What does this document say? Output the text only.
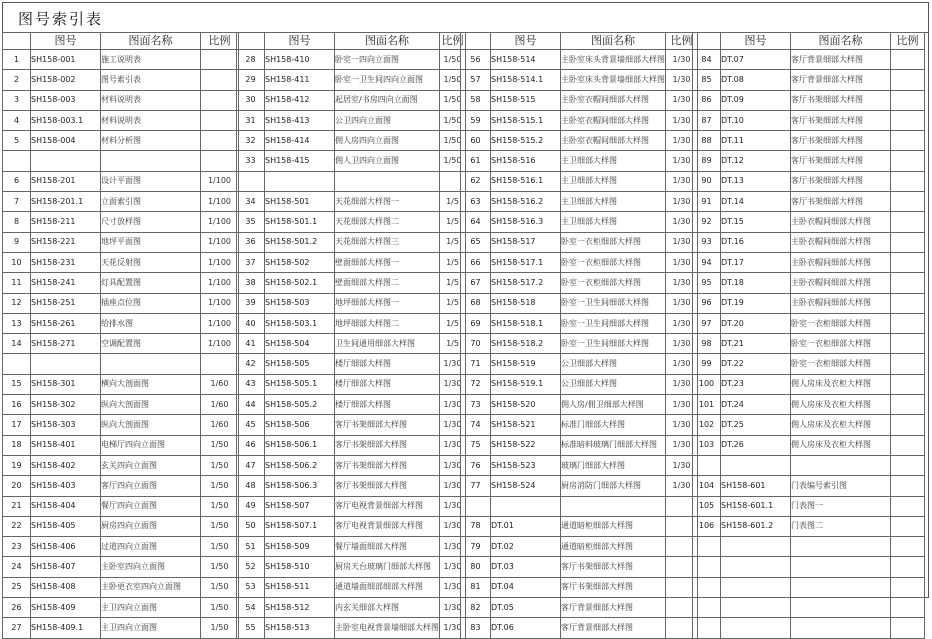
图号索引表
	图号	图面名称	比例
1	SH158-001	施工说明表	
2	SH158-002	图号索引表	
3	SH158-003	材料说明表	
4	SH158-003.1	材料说明表	
5	SH158-004	材料分析图	

6	SH158-201	设计平面图	1/100
7	SH158-201.1	立面索引图	1/100
8	SH158-211	尺寸放样图	1/100
9	SH158-221	地坪平面图	1/100
10	SH158-231	天花反射图	1/100
11	SH158-241	灯具配置图	1/100
12	SH158-251	插座点位图	1/100
13	SH158-261	给排水图	1/100
14	SH158-271	空调配置图	1/100

15	SH158-301	横向大剖面图	1/60
16	SH158-302	纵向大剖面图	1/60
17	SH158-303	纵向大剖面图	1/60
18	SH158-401	电梯厅四向立面图	1/50
19	SH158-402	玄关四向立面图	1/50
20	SH158-403	客厅四向立面图	1/50
21	SH158-404	餐厅四向立面图	1/50
22	SH158-405	厨房四向立面图	1/50
23	SH158-406	过道四向立面图	1/50
24	SH158-407	主卧室四向立面图	1/50
25	SH158-408	主卧更衣室四向立面图	1/50
26	SH158-409	主卫四向立面图	1/50
27	SH158-409.1	主卫四向立面图	1/50
	图号	图面名称	比例
28	SH158-410	卧室一四向立面图	1/50
29	SH158-411	卧室一卫生间四向立面图	1/50
30	SH158-412	起居室/书房四向立面图	1/50
31	SH158-413	公卫四向立面图	1/50
32	SH158-414	佣人房四向立面图	1/50
33	SH158-415	佣人卫四向立面图	1/50

34	SH158-501	天花细部大样图一	1/5
35	SH158-501.1	天花细部大样图二	1/5
36	SH158-501.2	天花细部大样图三	1/5
37	SH158-502	壁面细部大样图一	1/5
38	SH158-502.1	壁面细部大样图二	1/5
39	SH158-503	地坪细部大样图一	1/5
40	SH158-503.1	地坪细部大样图二	1/5
41	SH158-504	卫生间通用细部大样图	1/5
42	SH158-505	楼厅细部大样图	1/30
43	SH158-505.1	楼厅细部大样图	1/30
44	SH158-505.2	楼厅细部大样图	1/30
45	SH158-506	客厅书架细部大样图	1/30
46	SH158-506.1	客厅书架细部大样图	1/30
47	SH158-506.2	客厅书架细部大样图	1/30
48	SH158-506.3	客厅书架细部大样图	1/30
49	SH158-507	客厅电视背景细部大样图	1/30
50	SH158-507.1	客厅电视背景细部大样图	1/30
51	SH158-509	餐厅墙面细部大样图	1/30
52	SH158-510	厨房天台玻璃门细部大样图	1/30
53	SH158-511	通道墙面细部细部大样图	1/30
54	SH158-512	内玄关细部大样图	1/30
55	SH158-513	主卧室电视背景墙细部大样图	1/30
	图号	图面名称	比例
56	SH158-514	主卧室床头背景墙细部大样图	1/30
57	SH158-514.1	主卧室床头背景墙细部大样图	1/30
58	SH158-515	主卧室衣帽间细部大样图	1/30
59	SH158-515.1	主卧室衣帽间细部大样图	1/30
60	SH158-515.2	主卧室衣帽间细部大样图	1/30
61	SH158-516	主卫细部大样图	1/30
62	SH158-516.1	主卫细部大样图	1/30
63	SH158-516.2	主卫细部大样图	1/30
64	SH158-516.3	主卫细部大样图	1/30
65	SH158-517	卧室一衣柜细部大样图	1/30
66	SH158-517.1	卧室一衣柜细部大样图	1/30
67	SH158-517.2	卧室一衣柜细部大样图	1/30
68	SH158-518	卧室一卫生间细部大样图	1/30
69	SH158-518.1	卧室一卫生间细部大样图	1/30
70	SH158-518.2	卧室一卫生间细部大样图	1/30
71	SH158-519	公卫细部大样图	1/30
72	SH158-519.1	公卫细部大样图	1/30
73	SH158-520	佣人房/佣卫细部大样图	1/30
74	SH158-521	标准门细部大样图	1/30
75	SH158-522	标准暗料玻璃门细部大样图	1/30
76	SH158-523	玻璃门细部大样图	1/30
77	SH158-524	厨房消防门细部大样图	1/30

78	DT.01	通道暗柜细部大样图	
79	DT.02	通道暗柜细部大样图	
80	DT.03	客厅书架细部大样图	
81	DT.04	客厅书架细部大样图	
82	DT.05	客厅背景细部大样图	
83	DT.06	客厅背景细部大样图	
	图号	图面名称	比例
84	DT.07	客厅背景细部大样图	
85	DT.08	客厅背景细部大样图	
86	DT.09	客厅书架细部大样图	
87	DT.10	客厅书架细部大样图	
88	DT.11	客厅书架细部大样图	
89	DT.12	客厅书架细部大样图	
90	DT.13	客厅书架细部大样图	
91	DT.14	客厅书架细部大样图	
92	DT.15	主卧衣帽间细部大样图	
93	DT.16	主卧衣帽间细部大样图	
94	DT.17	主卧衣帽间细部大样图	
95	DT.18	主卧衣帽间细部大样图	
96	DT.19	主卧衣帽间细部大样图	
97	DT.20	卧室一衣柜细部大样图	
98	DT.21	卧室一衣柜细部大样图	
99	DT.22	卧室一衣柜细部大样图	
100	DT.23	佣人房床及衣柜大样图	
101	DT.24	佣人房床及衣柜大样图	
102	DT.25	佣人房床及衣柜大样图	
103	DT.26	佣人房床及衣柜大样图	

104	SH158-601	门表编号索引图	
105	SH158-601.1	门表图一	
106	SH158-601.2	门表图二	
